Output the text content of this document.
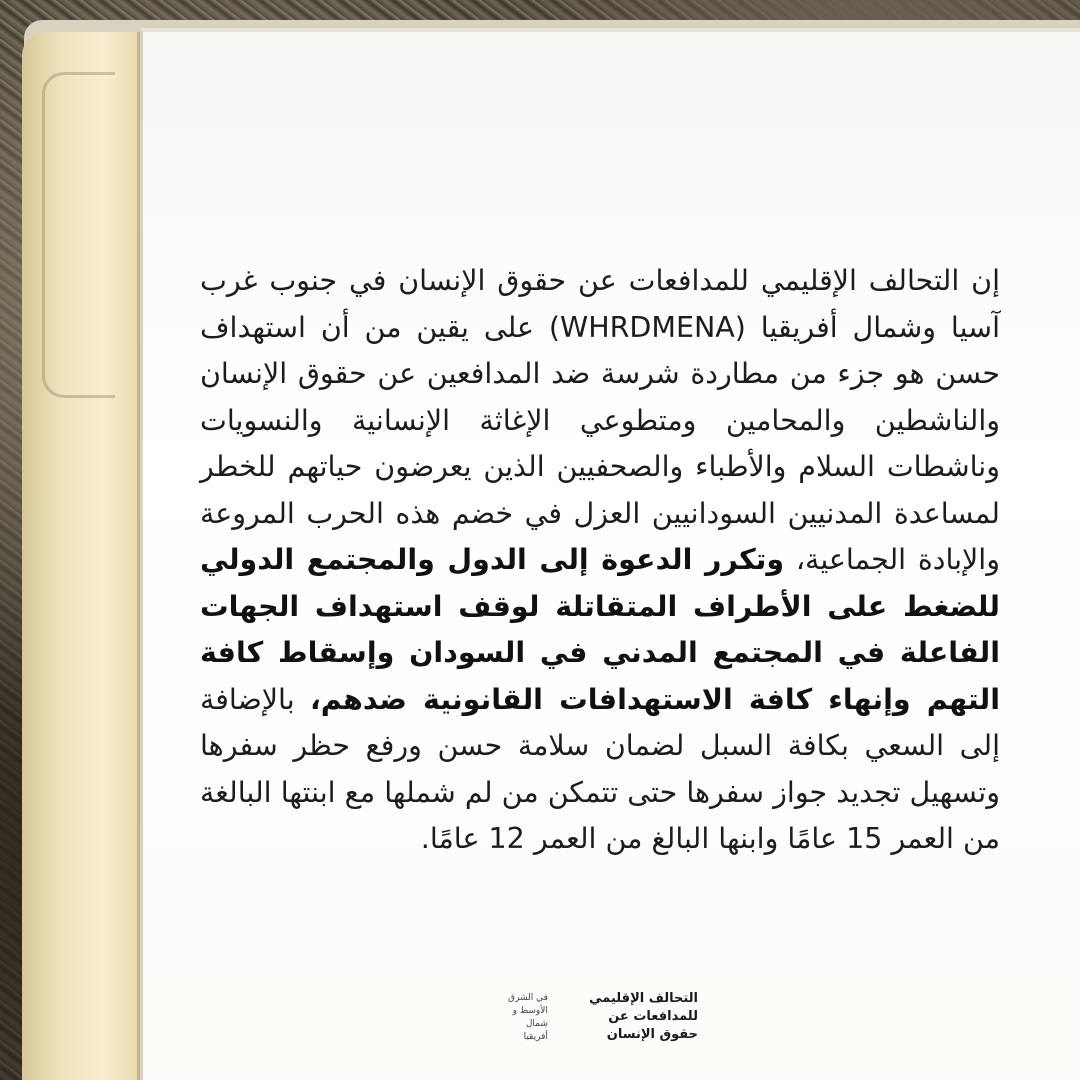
إن التحالف الإقليمي للمدافعات عن حقوق الإنسان في جنوب غرب آسيا وشمال أفريقيا (WHRDMENA) على يقين من أن استهداف حسن هو جزء من مطاردة شرسة ضد المدافعين عن حقوق الإنسان والناشطين والمحامين ومتطوعي الإغاثة الإنسانية والنسويات وناشطات السلام والأطباء والصحفيين الذين يعرضون حياتهم للخطر لمساعدة المدنيين السودانيين العزل في خضم هذه الحرب المروعة والإبادة الجماعية، وتكرر الدعوة إلى الدول والمجتمع الدولي للضغط على الأطراف المتقاتلة لوقف استهداف الجهات الفاعلة في المجتمع المدني في السودان وإسقاط كافة التهم وإنهاء كافة الاستهدافات القانونية ضدهم، بالإضافة إلى السعي بكافة السبل لضمان سلامة حسن ورفع حظر سفرها وتسهيل تجديد جواز سفرها حتى تتمكن من لم شملها مع ابنتها البالغة من العمر 15 عامًا وابنها البالغ من العمر 12 عامًا.

التحالف الإقليمي
للمدافعات عن
حقوق الإنسان
في الشرق
الأوسط و
شمال
أفريقيا
